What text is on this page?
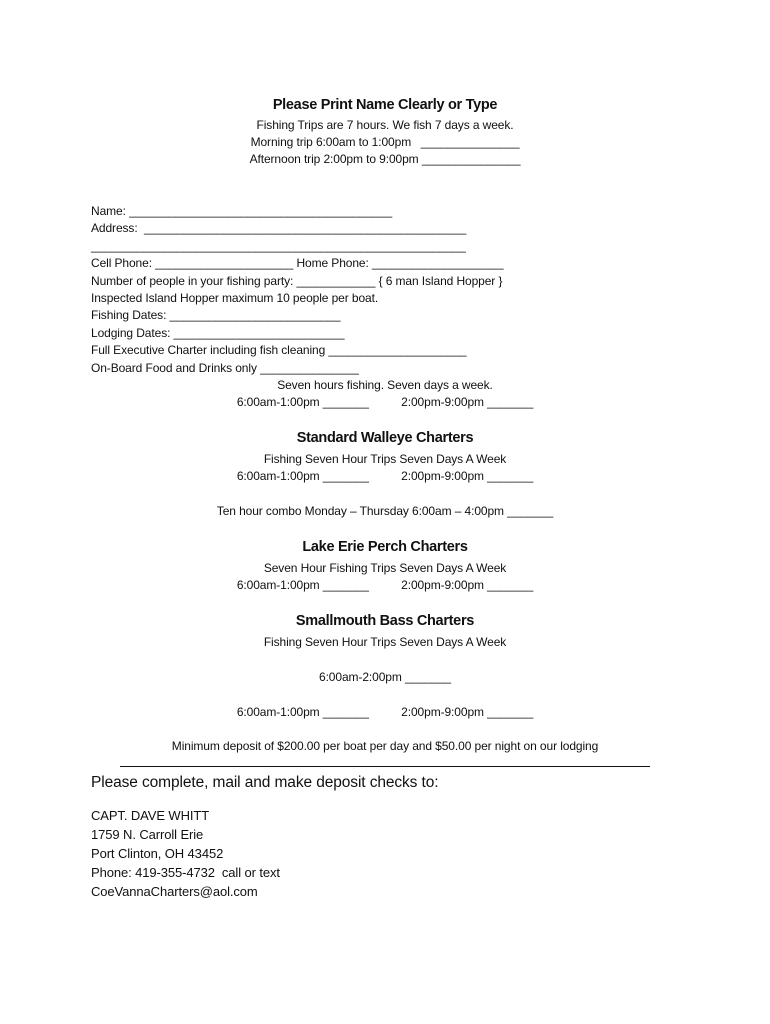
Please Print Name Clearly or Type
Fishing Trips are 7 hours. We fish 7 days a week.
Morning trip 6:00am to 1:00pm   _______________
Afternoon trip 2:00pm to 9:00pm _______________
Name: ________________________________________
Address:  _________________________________________________
_________________________________________________________
Cell Phone: _____________________ Home Phone: ____________________
Number of people in your fishing party: ____________ { 6 man Island Hopper }
Inspected Island Hopper maximum 10 people per boat.
Fishing Dates: __________________________
Lodging Dates: __________________________
Full Executive Charter including fish cleaning _____________________
On-Board Food and Drinks only _______________
Seven hours fishing. Seven days a week.
6:00am-1:00pm _______          2:00pm-9:00pm _______
Standard Walleye Charters
Fishing Seven Hour Trips Seven Days A Week
6:00am-1:00pm _______          2:00pm-9:00pm _______
Ten hour combo Monday – Thursday 6:00am – 4:00pm _______
Lake Erie Perch Charters
Seven Hour Fishing Trips Seven Days A Week
6:00am-1:00pm _______          2:00pm-9:00pm _______
Smallmouth Bass Charters
Fishing Seven Hour Trips Seven Days A Week
6:00am-2:00pm _______
6:00am-1:00pm _______          2:00pm-9:00pm _______
Minimum deposit of $200.00 per boat per day and $50.00 per night on our lodging
Please complete, mail and make deposit checks to:
CAPT. DAVE WHITT
1759 N. Carroll Erie
Port Clinton, OH 43452
Phone: 419-355-4732  call or text
CoeVannaCharters@aol.com
